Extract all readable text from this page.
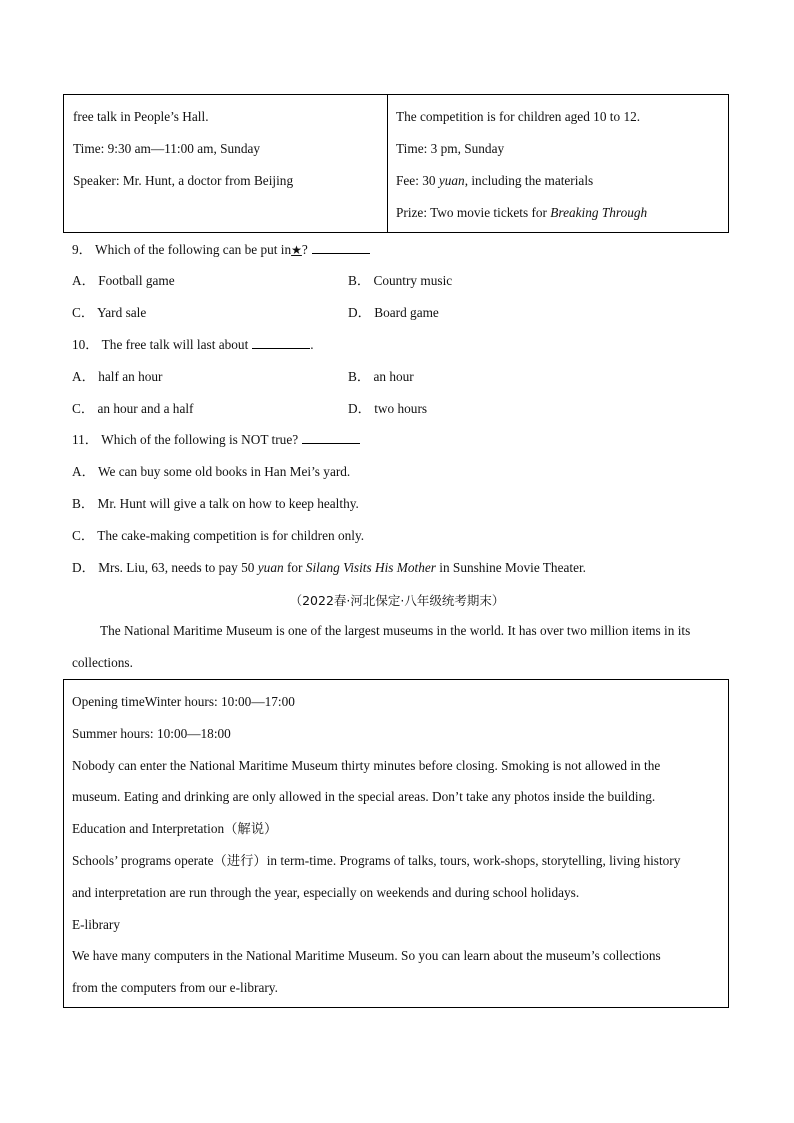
free talk in People’s Hall.
Time: 9:30 am—11:00 am, Sunday
Speaker: Mr. Hunt, a doctor from Beijing
The competition is for children aged 10 to 12.
Time: 3 pm, Sunday
Fee: 30 yuan, including the materials
Prize: Two movie tickets for Breaking Through
9． Which of the following can be put in★?
A． Football game	B． Country music
C． Yard sale	D． Board game
10． The free talk will last about	.
A． half an hour	B． an hour
C． an hour and a half	D． two hours
11． Which of the following is NOT true?
A． We can buy some old books in Han Mei’s yard.
B． Mr. Hunt will give a talk on how to keep healthy.
C． The cake-making competition is for children only.
D． Mrs. Liu, 63, needs to pay 50 yuan for Silang Visits His Mother in Sunshine Movie Theater.
（2022春·河北保定·八年级统考期末）
The National Maritime Museum is one of the largest museums in the world. It has over two million items in its
collections.
Opening timeWinter hours: 10:00—17:00
Summer hours: 10:00—18:00
Nobody can enter the National Maritime Museum thirty minutes before closing. Smoking is not allowed in the
museum. Eating and drinking are only allowed in the special areas. Don’t take any photos inside the building.
Education and Interpretation（解说）
Schools’ programs operate（进行）in term-time. Programs of talks, tours, work-shops, storytelling, living history
and interpretation are run through the year, especially on weekends and during school holidays.
E-library
We have many computers in the National Maritime Museum. So you can learn about the museum’s collections
from the computers from our e-library.
